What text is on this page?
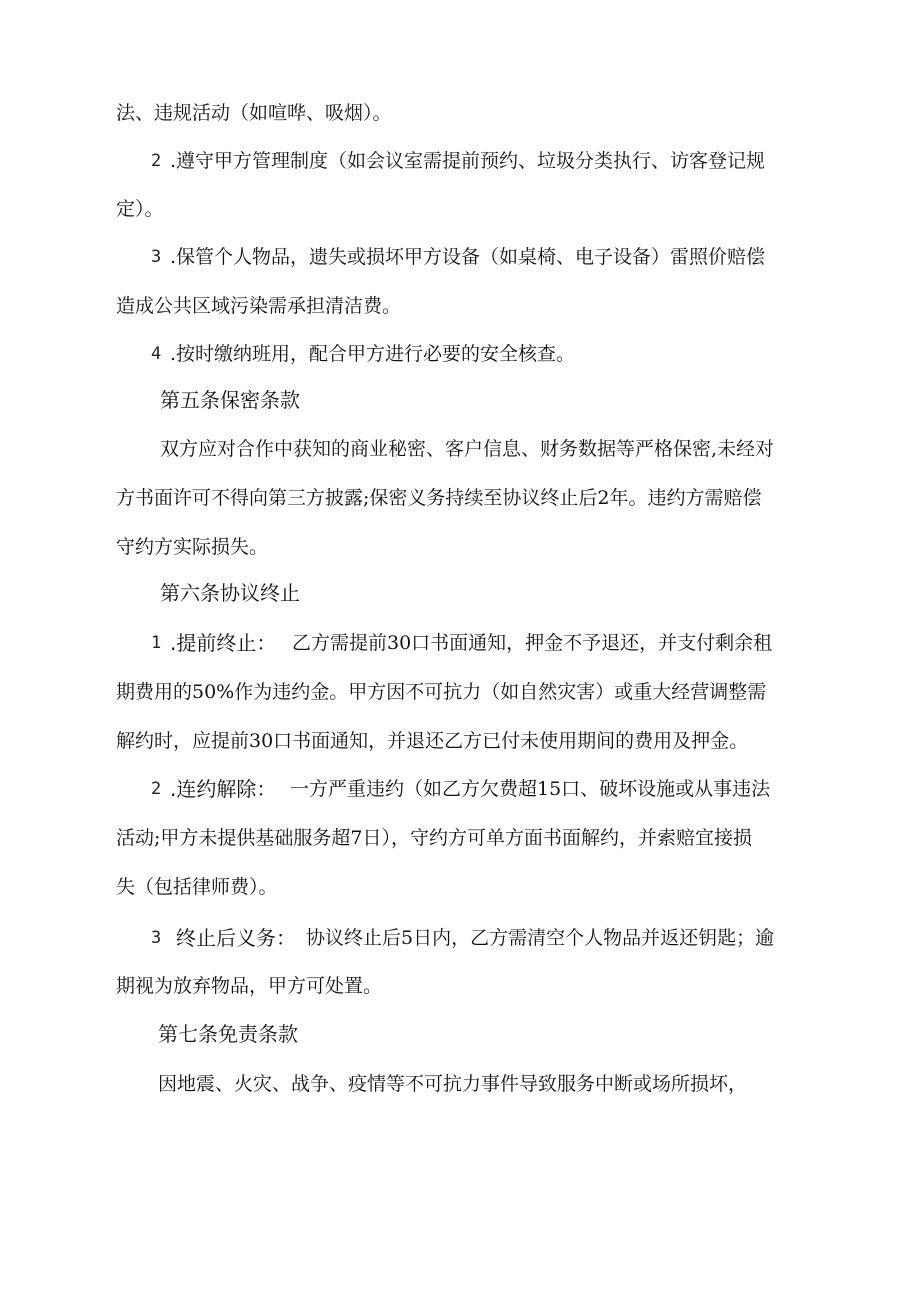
法、违规活动（如喧哗、吸烟）。
2 .遵守甲方管理制度（如会议室需提前预约、垃圾分类执行、访客登记规
定）。
3 .保管个人物品，遗失或损坏甲方设备（如桌椅、电子设备）雷照价赔偿
造成公共区域污染需承担清洁费。
4 .按时缴纳班用，配合甲方进行必要的安全核查。
第五条保密条款
双方应对合作中获知的商业秘密、客户信息、财务数据等严格保密,未经对
方书面许可不得向第三方披露;保密义务持续至协议终止后2年。违约方需赔偿
守约方实际损失。
第六条协议终止
1 .提前终止： 乙方需提前30口书面通知，押金不予退还，并支付剩余租
期费用的50%作为违约金。甲方因不可抗力（如自然灾害）或重大经营调整需
解约时，应提前30口书面通知，并退还乙方已付未使用期间的费用及押金。
2 .连约解除： 一方严重违约（如乙方欠费超15口、破坏设施或从事违法
活动;甲方未提供基础服务超7日），守约方可单方面书面解约，并索赔宜接损
失（包括律师费）。
3 终止后义务： 协议终止后5日内，乙方需清空个人物品并返还钥匙；逾
期视为放弃物品，甲方可处置。
第七条免责条款
因地震、火灾、战争、疫情等不可抗力事件导致服务中断或场所损坏，
